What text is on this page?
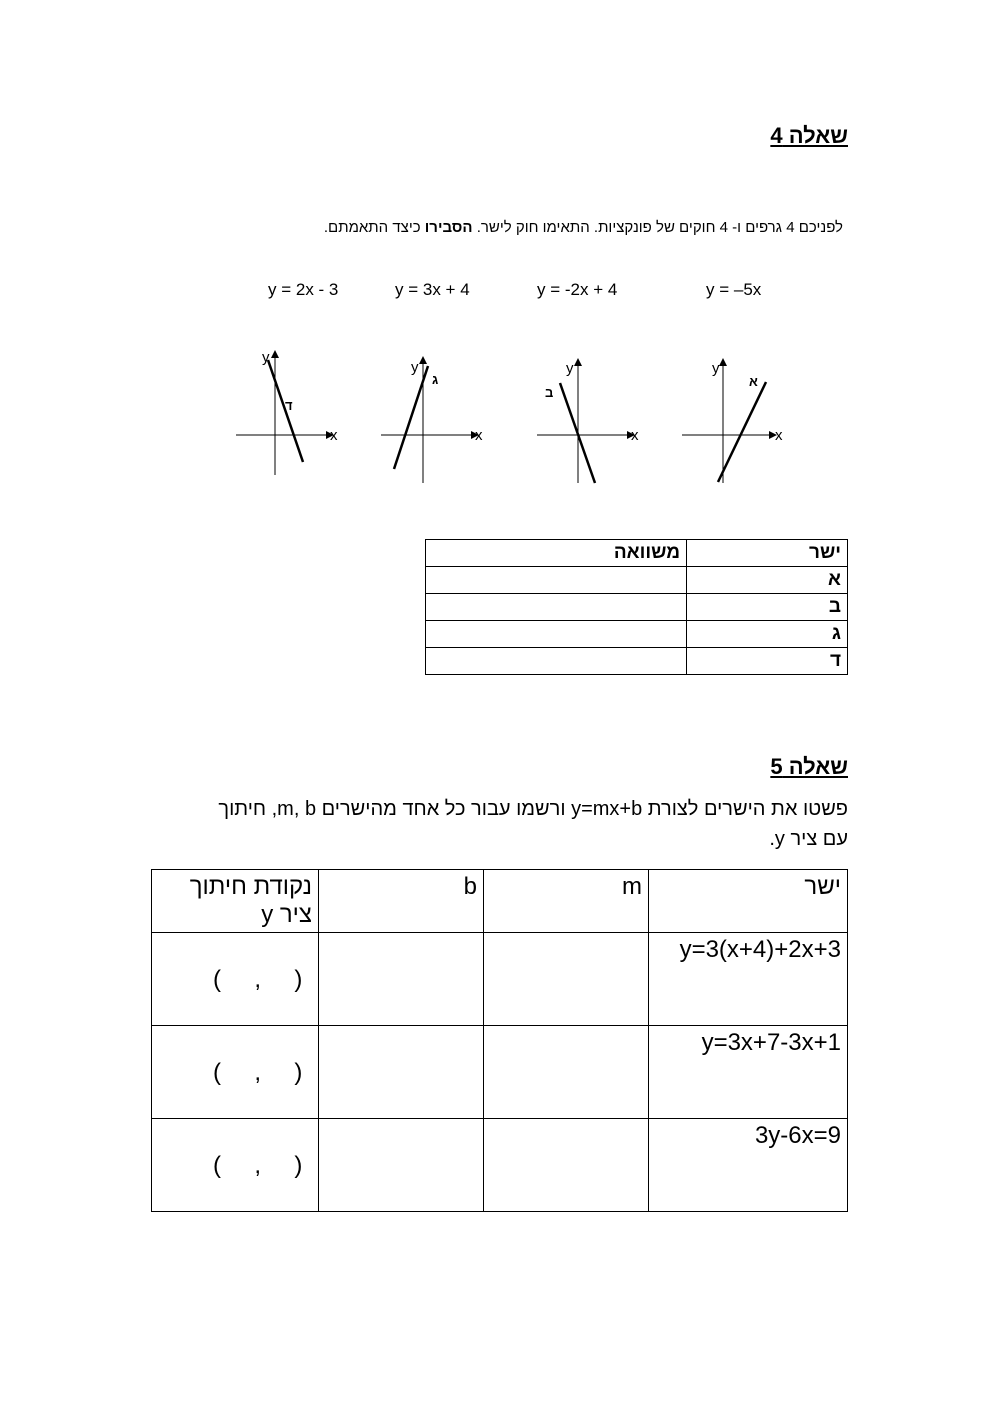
שאלה 4
לפניכם 4 גרפים ו- 4 חוקים של פונקציות. התאימו חוק לישר. הסבירו כיצד התאמתם.
y = 2x - 3	y = 3x + 4	y = -2x + 4	y = –5x
x
y
ד
x
y
ג
x
y
ב
x
y
א
ישר	משוואה
א	
ב	
ג	
ד	
שאלה 5
פשטו את הישרים לצורת y=mx+b ורשמו עבור כל אחד מהישרים m, b, חיתוך
עם ציר y.
ישר	m	b	נקודת חיתוך ציר y

y=3(x+4)+2x+3			(     ,     )

y=3x+7-3x+1			(     ,     )

3y-6x=9			(     ,     )
